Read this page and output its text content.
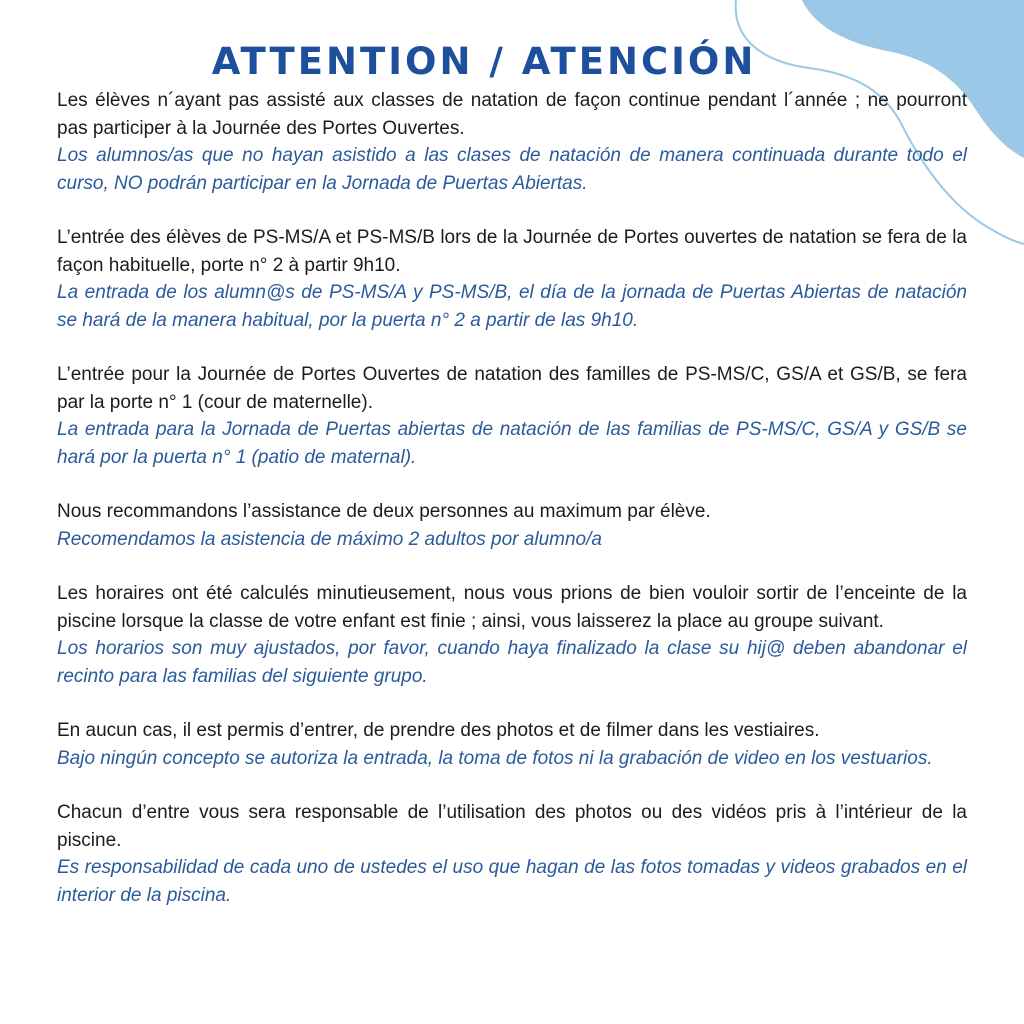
ATTENTION / ATENCIÓN

Les élèves n´ayant pas assisté aux classes de natation de façon continue pendant l´année ; ne pourront pas participer à la Journée des Portes Ouvertes.

Los alumnos/as que no hayan asistido a las clases de natación de manera continuada durante todo el curso, NO podrán participar en la Jornada de Puertas Abiertas.

L’entrée des élèves de PS-MS/A et PS-MS/B lors de la Journée de Portes ouvertes de natation se fera de la façon habituelle, porte n° 2 à partir 9h10.

La entrada de los alumn@s de PS-MS/A y PS-MS/B, el día de la jornada de Puertas Abiertas de natación se hará de la manera habitual, por la puerta n° 2 a partir de las 9h10.

L’entrée pour la Journée de Portes Ouvertes de natation des familles de PS-MS/C, GS/A et GS/B, se fera par la porte n° 1 (cour de maternelle).

La entrada para la Jornada de Puertas abiertas de natación de las familias de PS-MS/C, GS/A y GS/B se hará por la puerta n° 1 (patio de maternal).

Nous recommandons l’assistance de deux personnes au maximum par élève.

Recomendamos la asistencia de máximo 2 adultos por alumno/a

Les horaires ont été calculés minutieusement, nous vous prions de bien vouloir sortir de l’enceinte de la piscine lorsque la classe de votre enfant est finie ; ainsi, vous laisserez la place au groupe suivant.

Los horarios son muy ajustados, por favor, cuando haya finalizado la clase su hij@ deben abandonar el recinto para las familias del siguiente grupo.

En aucun cas, il est permis d’entrer, de prendre des photos et de filmer dans les vestiaires.

Bajo ningún concepto se autoriza la entrada, la toma de fotos ni la grabación de video en los vestuarios.

Chacun d’entre vous sera responsable de l’utilisation des photos ou des vidéos pris à l’intérieur de la piscine.

Es responsabilidad de cada uno de ustedes el uso que hagan de las fotos tomadas y videos grabados en el interior de la piscina.
